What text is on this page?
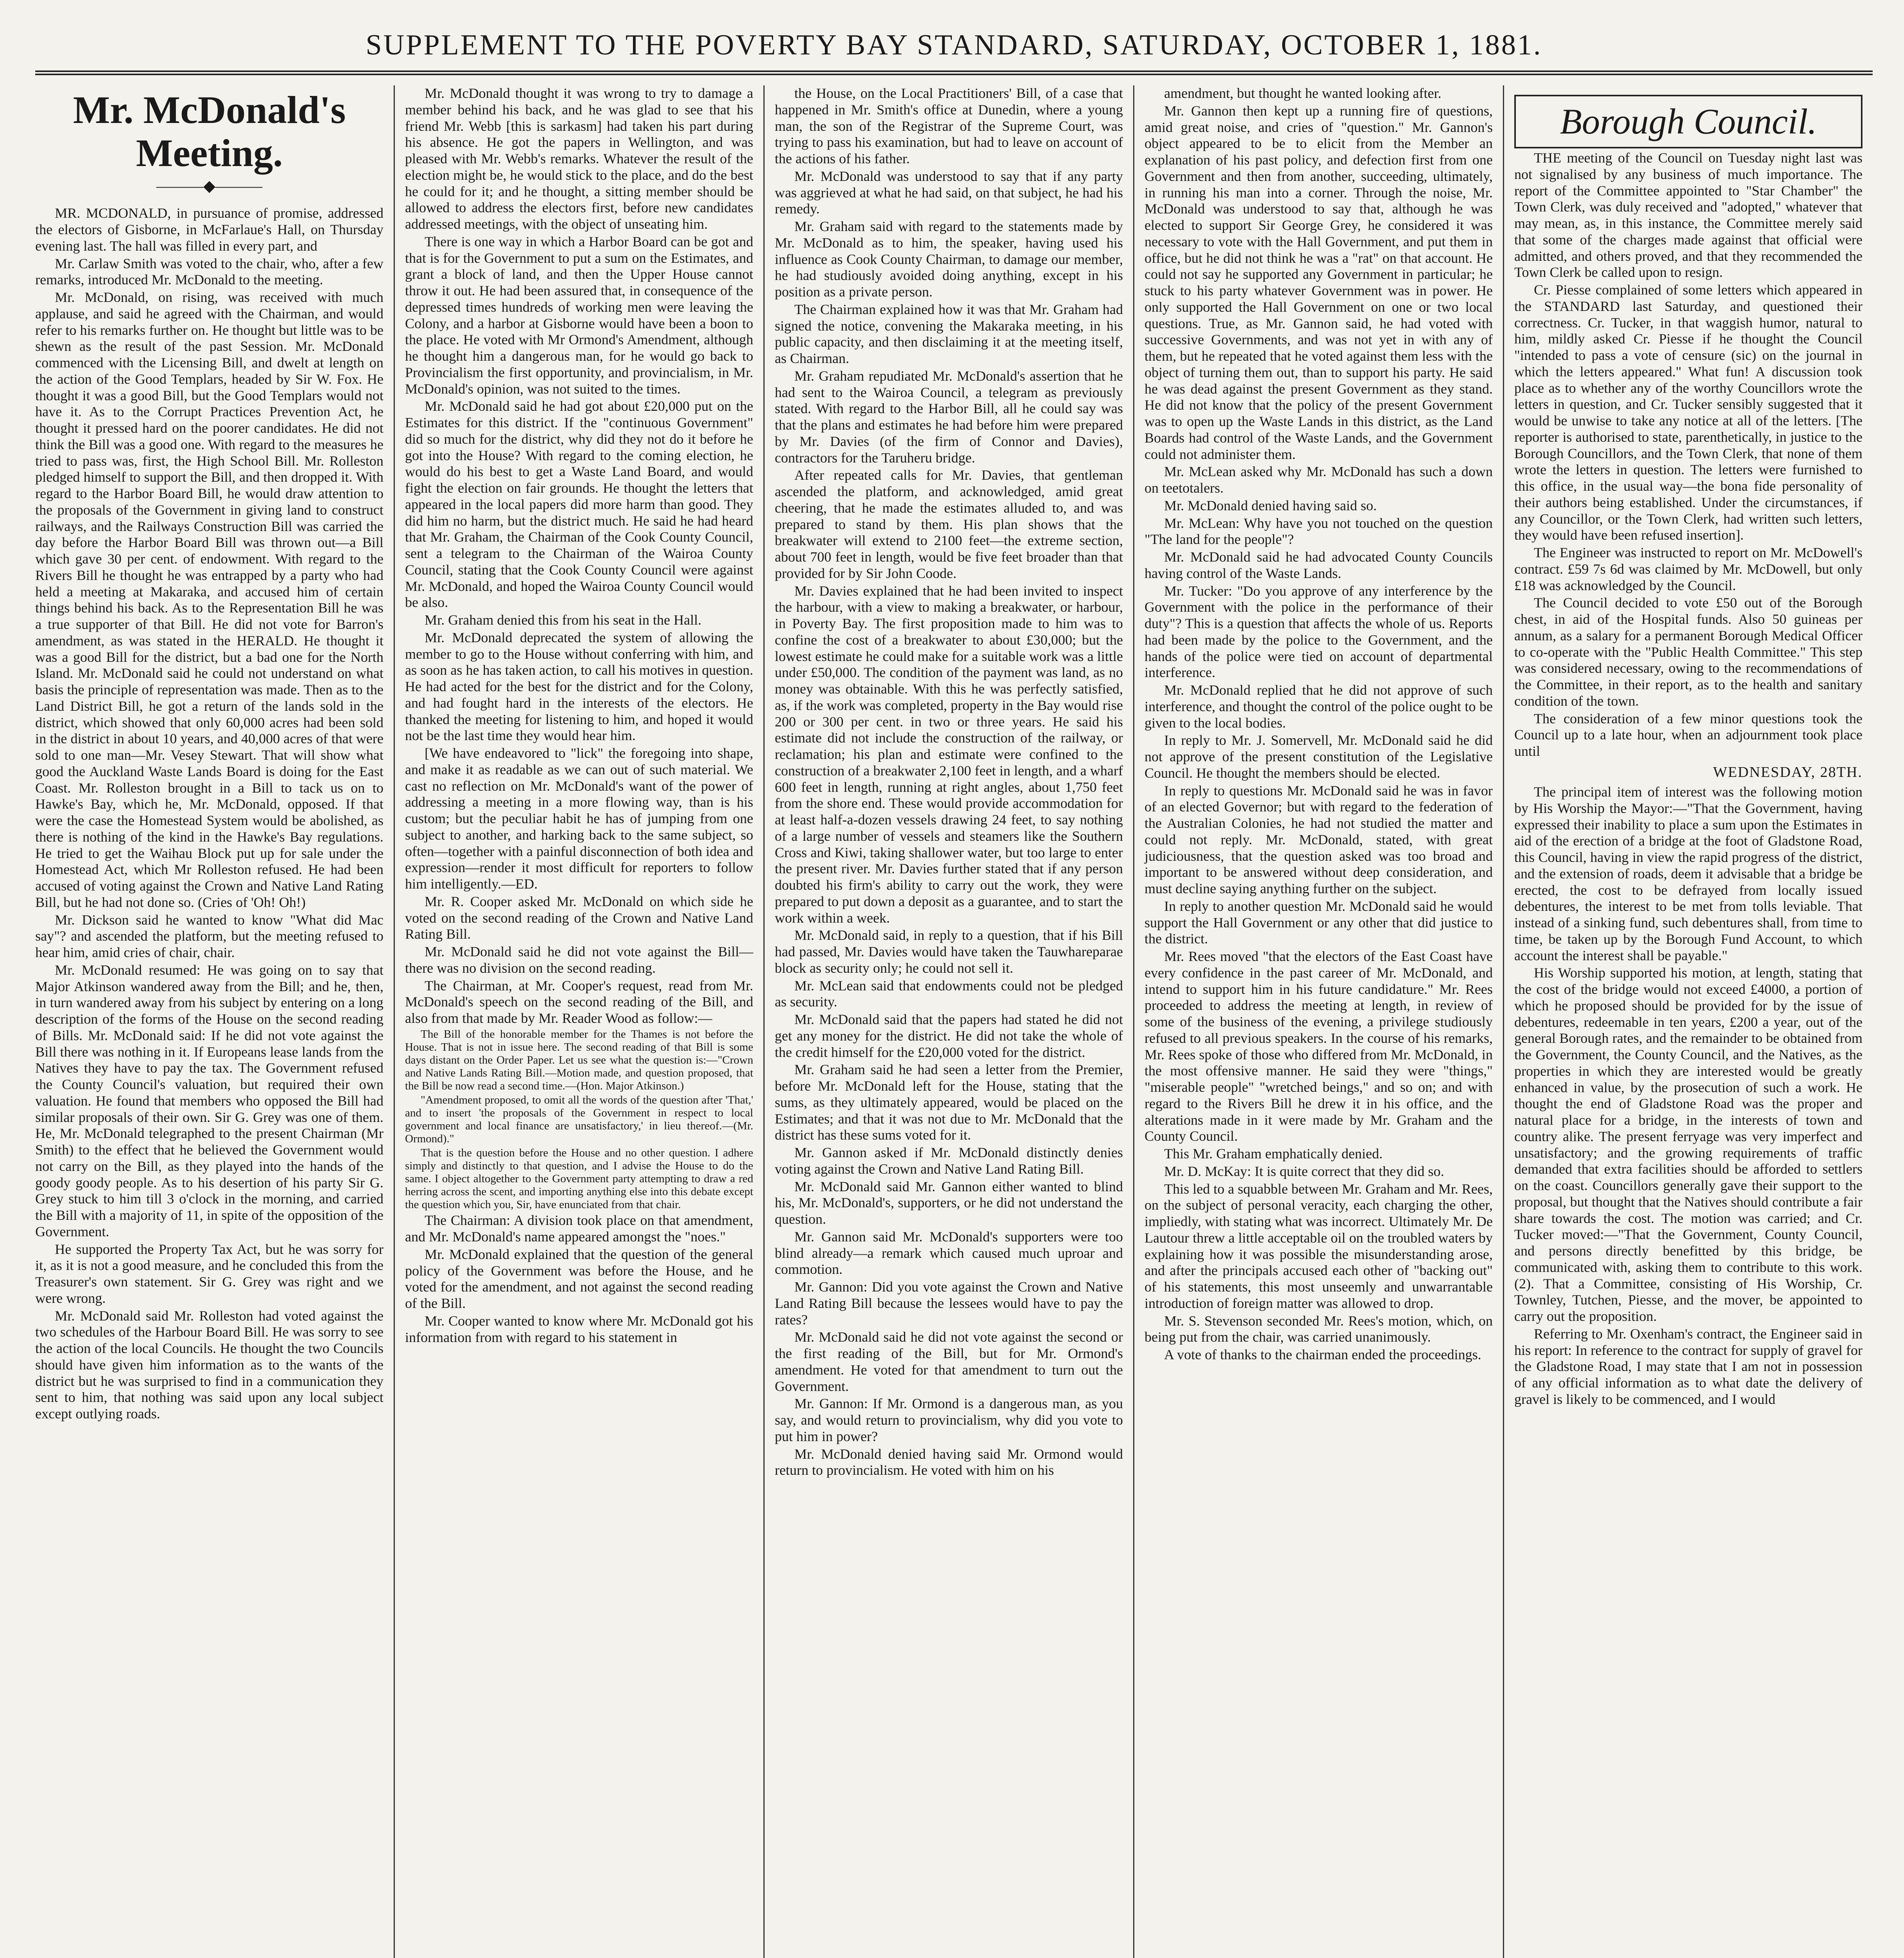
SUPPLEMENT TO THE POVERTY BAY STANDARD, SATURDAY, OCTOBER 1, 1881.
Mr. McDonald's Meeting.
―――◆―――

MR. MCDONALD, in pursuance of promise, addressed the electors of Gisborne, in McFarlaue's Hall, on Thursday evening last. The hall was filled in every part, and

Mr. Carlaw Smith was voted to the chair, who, after a few remarks, introduced Mr. McDonald to the meeting.

Mr. McDonald, on rising, was received with much applause, and said he agreed with the Chairman, and would refer to his remarks further on. He thought but little was to be shewn as the result of the past Session. Mr. McDonald commenced with the Licensing Bill, and dwelt at length on the action of the Good Templars, headed by Sir W. Fox. He thought it was a good Bill, but the Good Templars would not have it. As to the Corrupt Practices Prevention Act, he thought it pressed hard on the poorer candidates. He did not think the Bill was a good one. With regard to the measures he tried to pass was, first, the High School Bill. Mr. Rolleston pledged himself to support the Bill, and then dropped it. With regard to the Harbor Board Bill, he would draw attention to the proposals of the Government in giving land to construct railways, and the Railways Construction Bill was carried the day before the Harbor Board Bill was thrown out—a Bill which gave 30 per cent. of endowment. With regard to the Rivers Bill he thought he was entrapped by a party who had held a meeting at Makaraka, and accused him of certain things behind his back. As to the Representation Bill he was a true supporter of that Bill. He did not vote for Barron's amendment, as was stated in the HERALD. He thought it was a good Bill for the district, but a bad one for the North Island. Mr. McDonald said he could not understand on what basis the principle of representation was made. Then as to the Land District Bill, he got a return of the lands sold in the district, which showed that only 60,000 acres had been sold in the district in about 10 years, and 40,000 acres of that were sold to one man—Mr. Vesey Stewart. That will show what good the Auckland Waste Lands Board is doing for the East Coast. Mr. Rolleston brought in a Bill to tack us on to Hawke's Bay, which he, Mr. McDonald, opposed. If that were the case the Homestead System would be abolished, as there is nothing of the kind in the Hawke's Bay regulations. He tried to get the Waihau Block put up for sale under the Homestead Act, which Mr Rolleston refused. He had been accused of voting against the Crown and Native Land Rating Bill, but he had not done so. (Cries of 'Oh! Oh!)

Mr. Dickson said he wanted to know "What did Mac say"? and ascended the platform, but the meeting refused to hear him, amid cries of chair, chair.

Mr. McDonald resumed: He was going on to say that Major Atkinson wandered away from the Bill; and he, then, in turn wandered away from his subject by entering on a long description of the forms of the House on the second reading of Bills. Mr. McDonald said: If he did not vote against the Bill there was nothing in it. If Europeans lease lands from the Natives they have to pay the tax. The Government refused the County Council's valuation, but required their own valuation. He found that members who opposed the Bill had similar proposals of their own. Sir G. Grey was one of them. He, Mr. McDonald telegraphed to the present Chairman (Mr Smith) to the effect that he believed the Government would not carry on the Bill, as they played into the hands of the goody goody people. As to his desertion of his party Sir G. Grey stuck to him till 3 o'clock in the morning, and carried the Bill with a majority of 11, in spite of the opposition of the Government.

He supported the Property Tax Act, but he was sorry for it, as it is not a good measure, and he concluded this from the Treasurer's own statement. Sir G. Grey was right and we were wrong.

Mr. McDonald said Mr. Rolleston had voted against the two schedules of the Harbour Board Bill. He was sorry to see the action of the local Councils. He thought the two Councils should have given him information as to the wants of the district but he was surprised to find in a communication they sent to him, that nothing was said upon any local subject except outlying roads.

Mr. McDonald thought it was wrong to try to damage a member behind his back, and he was glad to see that his friend Mr. Webb [this is sarkasm] had taken his part during his absence. He got the papers in Wellington, and was pleased with Mr. Webb's remarks. Whatever the result of the election might be, he would stick to the place, and do the best he could for it; and he thought, a sitting member should be allowed to address the electors first, before new candidates addressed meetings, with the object of unseating him.

There is one way in which a Harbor Board can be got and that is for the Government to put a sum on the Estimates, and grant a block of land, and then the Upper House cannot throw it out. He had been assured that, in consequence of the depressed times hundreds of working men were leaving the Colony, and a harbor at Gisborne would have been a boon to the place. He voted with Mr Ormond's Amendment, although he thought him a dangerous man, for he would go back to Provincialism the first opportunity, and provincialism, in Mr. McDonald's opinion, was not suited to the times.

Mr. McDonald said he had got about £20,000 put on the Estimates for this district. If the "continuous Government" did so much for the district, why did they not do it before he got into the House? With regard to the coming election, he would do his best to get a Waste Land Board, and would fight the election on fair grounds. He thought the letters that appeared in the local papers did more harm than good. They did him no harm, but the district much. He said he had heard that Mr. Graham, the Chairman of the Cook County Council, sent a telegram to the Chairman of the Wairoa County Council, stating that the Cook County Council were against Mr. McDonald, and hoped the Wairoa County Council would be also.

Mr. Graham denied this from his seat in the Hall.

Mr. McDonald deprecated the system of allowing the member to go to the House without conferring with him, and as soon as he has taken action, to call his motives in question. He had acted for the best for the district and for the Colony, and had fought hard in the interests of the electors. He thanked the meeting for listening to him, and hoped it would not be the last time they would hear him.

[We have endeavored to "lick" the foregoing into shape, and make it as readable as we can out of such material. We cast no reflection on Mr. McDonald's want of the power of addressing a meeting in a more flowing way, than is his custom; but the peculiar habit he has of jumping from one subject to another, and harking back to the same subject, so often—together with a painful disconnection of both idea and expression—render it most difficult for reporters to follow him intelligently.—ED.

Mr. R. Cooper asked Mr. McDonald on which side he voted on the second reading of the Crown and Native Land Rating Bill.

Mr. McDonald said he did not vote against the Bill—there was no division on the second reading.

The Chairman, at Mr. Cooper's request, read from Mr. McDonald's speech on the second reading of the Bill, and also from that made by Mr. Reader Wood as follow:—

The Bill of the honorable member for the Thames is not before the House. That is not in issue here. The second reading of that Bill is some days distant on the Order Paper. Let us see what the question is:—"Crown and Native Lands Rating Bill.—Motion made, and question proposed, that the Bill be now read a second time.—(Hon. Major Atkinson.)

"Amendment proposed, to omit all the words of the question after 'That,' and to insert 'the proposals of the Government in respect to local government and local finance are unsatisfactory,' in lieu thereof.—(Mr. Ormond)."

That is the question before the House and no other question. I adhere simply and distinctly to that question, and I advise the House to do the same. I object altogether to the Government party attempting to draw a red herring across the scent, and importing anything else into this debate except the question which you, Sir, have enunciated from that chair.

The Chairman: A division took place on that amendment, and Mr. McDonald's name appeared amongst the "noes."

Mr. McDonald explained that the question of the general policy of the Government was before the House, and he voted for the amendment, and not against the second reading of the Bill.

Mr. Cooper wanted to know where Mr. McDonald got his information from with regard to his statement in

the House, on the Local Practitioners' Bill, of a case that happened in Mr. Smith's office at Dunedin, where a young man, the son of the Registrar of the Supreme Court, was trying to pass his examination, but had to leave on account of the actions of his father.

Mr. McDonald was understood to say that if any party was aggrieved at what he had said, on that subject, he had his remedy.

Mr. Graham said with regard to the statements made by Mr. McDonald as to him, the speaker, having used his influence as Cook County Chairman, to damage our member, he had studiously avoided doing anything, except in his position as a private person.

The Chairman explained how it was that Mr. Graham had signed the notice, convening the Makaraka meeting, in his public capacity, and then disclaiming it at the meeting itself, as Chairman.

Mr. Graham repudiated Mr. McDonald's assertion that he had sent to the Wairoa Council, a telegram as previously stated. With regard to the Harbor Bill, all he could say was that the plans and estimates he had before him were prepared by Mr. Davies (of the firm of Connor and Davies), contractors for the Taruheru bridge.

After repeated calls for Mr. Davies, that gentleman ascended the platform, and acknowledged, amid great cheering, that he made the estimates alluded to, and was prepared to stand by them. His plan shows that the breakwater will extend to 2100 feet—the extreme section, about 700 feet in length, would be five feet broader than that provided for by Sir John Coode.

Mr. Davies explained that he had been invited to inspect the harbour, with a view to making a breakwater, or harbour, in Poverty Bay. The first proposition made to him was to confine the cost of a breakwater to about £30,000; but the lowest estimate he could make for a suitable work was a little under £50,000. The condition of the payment was land, as no money was obtainable. With this he was perfectly satisfied, as, if the work was completed, property in the Bay would rise 200 or 300 per cent. in two or three years. He said his estimate did not include the construction of the railway, or reclamation; his plan and estimate were confined to the construction of a breakwater 2,100 feet in length, and a wharf 600 feet in length, running at right angles, about 1,750 feet from the shore end. These would provide accommodation for at least half-a-dozen vessels drawing 24 feet, to say nothing of a large number of vessels and steamers like the Southern Cross and Kiwi, taking shallower water, but too large to enter the present river. Mr. Davies further stated that if any person doubted his firm's ability to carry out the work, they were prepared to put down a deposit as a guarantee, and to start the work within a week.

Mr. McDonald said, in reply to a question, that if his Bill had passed, Mr. Davies would have taken the Tauwhareparae block as security only; he could not sell it.

Mr. McLean said that endowments could not be pledged as security.

Mr. McDonald said that the papers had stated he did not get any money for the district. He did not take the whole of the credit himself for the £20,000 voted for the district.

Mr. Graham said he had seen a letter from the Premier, before Mr. McDonald left for the House, stating that the sums, as they ultimately appeared, would be placed on the Estimates; and that it was not due to Mr. McDonald that the district has these sums voted for it.

Mr. Gannon asked if Mr. McDonald distinctly denies voting against the Crown and Native Land Rating Bill.

Mr. McDonald said Mr. Gannon either wanted to blind his, Mr. McDonald's, supporters, or he did not understand the question.

Mr. Gannon said Mr. McDonald's supporters were too blind already—a remark which caused much uproar and commotion.

Mr. Gannon: Did you vote against the Crown and Native Land Rating Bill because the lessees would have to pay the rates?

Mr. McDonald said he did not vote against the second or the first reading of the Bill, but for Mr. Ormond's amendment. He voted for that amendment to turn out the Government.

Mr. Gannon: If Mr. Ormond is a dangerous man, as you say, and would return to provincialism, why did you vote to put him in power?

Mr. McDonald denied having said Mr. Ormond would return to provincialism. He voted with him on his

amendment, but thought he wanted looking after.

Mr. Gannon then kept up a running fire of questions, amid great noise, and cries of "question." Mr. Gannon's object appeared to be to elicit from the Member an explanation of his past policy, and defection first from one Government and then from another, succeeding, ultimately, in running his man into a corner. Through the noise, Mr. McDonald was understood to say that, although he was elected to support Sir George Grey, he considered it was necessary to vote with the Hall Government, and put them in office, but he did not think he was a "rat" on that account. He could not say he supported any Government in particular; he stuck to his party whatever Government was in power. He only supported the Hall Government on one or two local questions. True, as Mr. Gannon said, he had voted with successive Governments, and was not yet in with any of them, but he repeated that he voted against them less with the object of turning them out, than to support his party. He said he was dead against the present Government as they stand. He did not know that the policy of the present Government was to open up the Waste Lands in this district, as the Land Boards had control of the Waste Lands, and the Government could not administer them.

Mr. McLean asked why Mr. McDonald has such a down on teetotalers.

Mr. McDonald denied having said so.

Mr. McLean: Why have you not touched on the question "The land for the people"?

Mr. McDonald said he had advocated County Councils having control of the Waste Lands.

Mr. Tucker: "Do you approve of any interference by the Government with the police in the performance of their duty"? This is a question that affects the whole of us. Reports had been made by the police to the Government, and the hands of the police were tied on account of departmental interference.

Mr. McDonald replied that he did not approve of such interference, and thought the control of the police ought to be given to the local bodies.

In reply to Mr. J. Somervell, Mr. McDonald said he did not approve of the present constitution of the Legislative Council. He thought the members should be elected.

In reply to questions Mr. McDonald said he was in favor of an elected Governor; but with regard to the federation of the Australian Colonies, he had not studied the matter and could not reply. Mr. McDonald, stated, with great judiciousness, that the question asked was too broad and important to be answered without deep consideration, and must decline saying anything further on the subject.

In reply to another question Mr. McDonald said he would support the Hall Government or any other that did justice to the district.

Mr. Rees moved "that the electors of the East Coast have every confidence in the past career of Mr. McDonald, and intend to support him in his future candidature." Mr. Rees proceeded to address the meeting at length, in review of some of the business of the evening, a privilege studiously refused to all previous speakers. In the course of his remarks, Mr. Rees spoke of those who differed from Mr. McDonald, in the most offensive manner. He said they were "things," "miserable people" "wretched beings," and so on; and with regard to the Rivers Bill he drew it in his office, and the alterations made in it were made by Mr. Graham and the County Council.

This Mr. Graham emphatically denied.

Mr. D. McKay: It is quite correct that they did so.

This led to a squabble between Mr. Graham and Mr. Rees, on the subject of personal veracity, each charging the other, impliedly, with stating what was incorrect. Ultimately Mr. De Lautour threw a little acceptable oil on the troubled waters by explaining how it was possible the misunderstanding arose, and after the principals accused each other of "backing out" of his statements, this most unseemly and unwarrantable introduction of foreign matter was allowed to drop.

Mr. S. Stevenson seconded Mr. Rees's motion, which, on being put from the chair, was carried unanimously.

A vote of thanks to the chairman ended the proceedings.

Borough Council.

THE meeting of the Council on Tuesday night last was not signalised by any business of much importance. The report of the Committee appointed to "Star Chamber" the Town Clerk, was duly received and "adopted," whatever that may mean, as, in this instance, the Committee merely said that some of the charges made against that official were admitted, and others proved, and that they recommended the Town Clerk be called upon to resign.

Cr. Piesse complained of some letters which appeared in the STANDARD last Saturday, and questioned their correctness. Cr. Tucker, in that waggish humor, natural to him, mildly asked Cr. Piesse if he thought the Council "intended to pass a vote of censure (sic) on the journal in which the letters appeared." What fun! A discussion took place as to whether any of the worthy Councillors wrote the letters in question, and Cr. Tucker sensibly suggested that it would be unwise to take any notice at all of the letters. [The reporter is authorised to state, parenthetically, in justice to the Borough Councillors, and the Town Clerk, that none of them wrote the letters in question. The letters were furnished to this office, in the usual way—the bona fide personality of their authors being established. Under the circumstances, if any Councillor, or the Town Clerk, had written such letters, they would have been refused insertion].

The Engineer was instructed to report on Mr. McDowell's contract. £59 7s 6d was claimed by Mr. McDowell, but only £18 was acknowledged by the Council.

The Council decided to vote £50 out of the Borough chest, in aid of the Hospital funds. Also 50 guineas per annum, as a salary for a permanent Borough Medical Officer to co-operate with the "Public Health Committee." This step was considered necessary, owing to the recommendations of the Committee, in their report, as to the health and sanitary condition of the town.

The consideration of a few minor questions took the Council up to a late hour, when an adjournment took place until

WEDNESDAY, 28TH.

The principal item of interest was the following motion by His Worship the Mayor:—"That the Government, having expressed their inability to place a sum upon the Estimates in aid of the erection of a bridge at the foot of Gladstone Road, this Council, having in view the rapid progress of the district, and the extension of roads, deem it advisable that a bridge be erected, the cost to be defrayed from locally issued debentures, the interest to be met from tolls leviable. That instead of a sinking fund, such debentures shall, from time to time, be taken up by the Borough Fund Account, to which account the interest shall be payable."

His Worship supported his motion, at length, stating that the cost of the bridge would not exceed £4000, a portion of which he proposed should be provided for by the issue of debentures, redeemable in ten years, £200 a year, out of the general Borough rates, and the remainder to be obtained from the Government, the County Council, and the Natives, as the properties in which they are interested would be greatly enhanced in value, by the prosecution of such a work. He thought the end of Gladstone Road was the proper and natural place for a bridge, in the interests of town and country alike. The present ferryage was very imperfect and unsatisfactory; and the growing requirements of traffic demanded that extra facilities should be afforded to settlers on the coast. Councillors generally gave their support to the proposal, but thought that the Natives should contribute a fair share towards the cost. The motion was carried; and Cr. Tucker moved:—"That the Government, County Council, and persons directly benefitted by this bridge, be communicated with, asking them to contribute to this work. (2). That a Committee, consisting of His Worship, Cr. Townley, Tutchen, Piesse, and the mover, be appointed to carry out the proposition.

Referring to Mr. Oxenham's contract, the Engineer said in his report: In reference to the contract for supply of gravel for the Gladstone Road, I may state that I am not in possession of any official information as to what date the delivery of gravel is likely to be commenced, and I would
